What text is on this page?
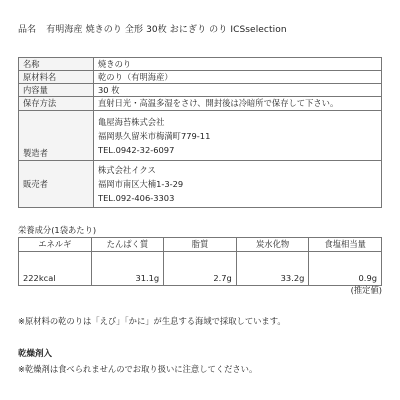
品名 有明海産 焼きのり 全形 30枚 おにぎり のり ICSselection
名称	焼きのり
原材料名	乾のり（有明海産）
内容量	30 枚
保存方法	直射日光・高温多湿をさけ、開封後は冷暗所で保存して下さい。
製造者	亀屋海苔株式会社
福岡県久留米市梅満町779-11
TEL.0942-32-6097

販売者	株式会社イクス
福岡市南区大楠1-3-29
TEL.092-406-3303
栄養成分(1袋あたり)
エネルギ	たんぱく質	脂質	炭水化物	食塩相当量

222kcal	31.1g	2.7g	33.2g	0.9g
(推定値)
※原材料の乾のりは「えび」「かに」が生息する海域で採取しています。
乾燥剤入
※乾燥剤は食べられませんのでお取り扱いに注意してください。
